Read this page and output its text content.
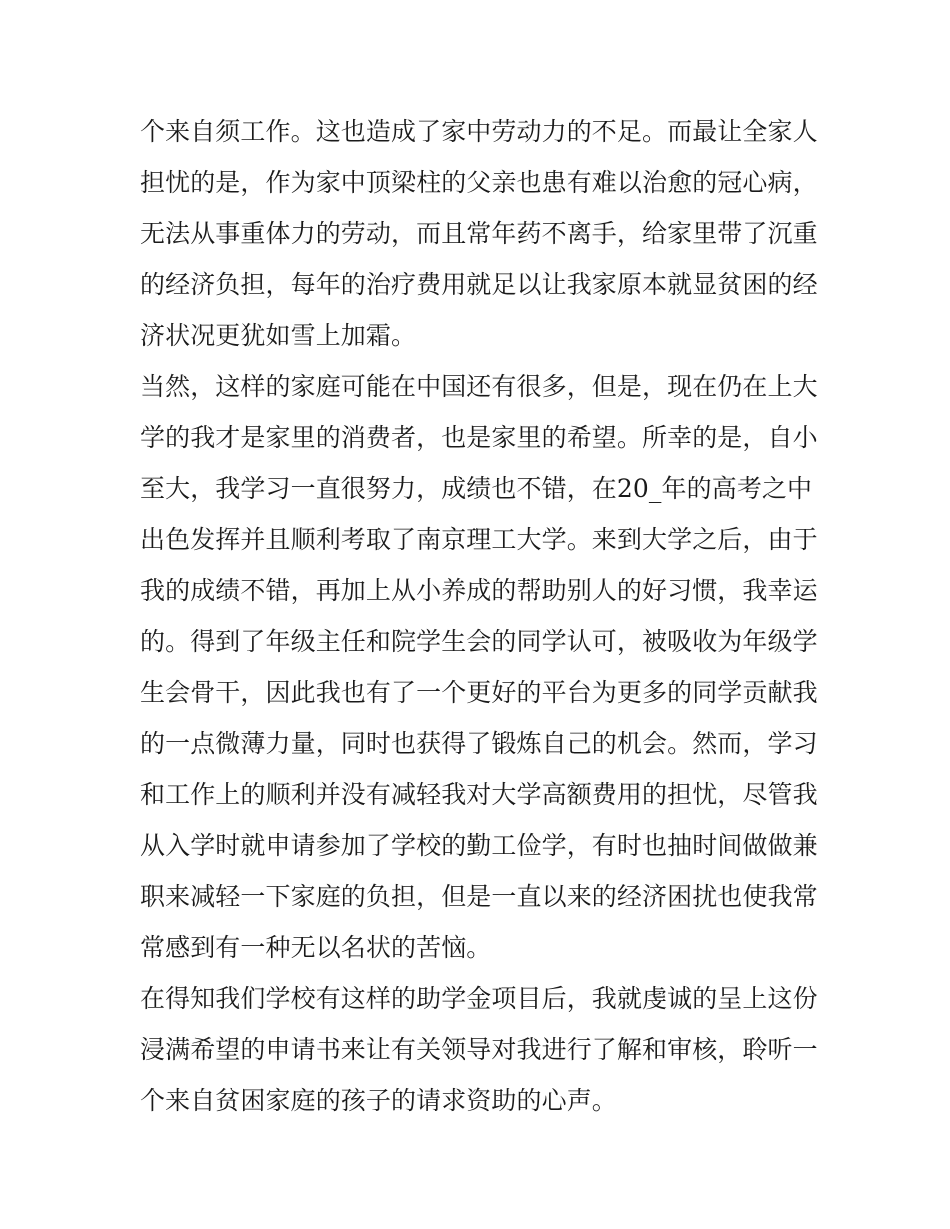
个来自须工作。这也造成了家中劳动力的不足。而最让全家人
担忧的是，作为家中顶梁柱的父亲也患有难以治愈的冠心病，
无法从事重体力的劳动，而且常年药不离手，给家里带了沉重
的经济负担，每年的治疗费用就足以让我家原本就显贫困的经
济状况更犹如雪上加霜。
当然，这样的家庭可能在中国还有很多，但是，现在仍在上大
学的我才是家里的消费者，也是家里的希望。所幸的是，自小
至大，我学习一直很努力，成绩也不错，在20_年的高考之中
出色发挥并且顺利考取了南京理工大学。来到大学之后，由于
我的成绩不错，再加上从小养成的帮助别人的好习惯，我幸运
的。得到了年级主任和院学生会的同学认可，被吸收为年级学
生会骨干，因此我也有了一个更好的平台为更多的同学贡献我
的一点微薄力量，同时也获得了锻炼自己的机会。然而，学习
和工作上的顺利并没有减轻我对大学高额费用的担忧，尽管我
从入学时就申请参加了学校的勤工俭学，有时也抽时间做做兼
职来减轻一下家庭的负担，但是一直以来的经济困扰也使我常
常感到有一种无以名状的苦恼。
在得知我们学校有这样的助学金项目后，我就虔诚的呈上这份
浸满希望的申请书来让有关领导对我进行了解和审核，聆听一
个来自贫困家庭的孩子的请求资助的心声。
